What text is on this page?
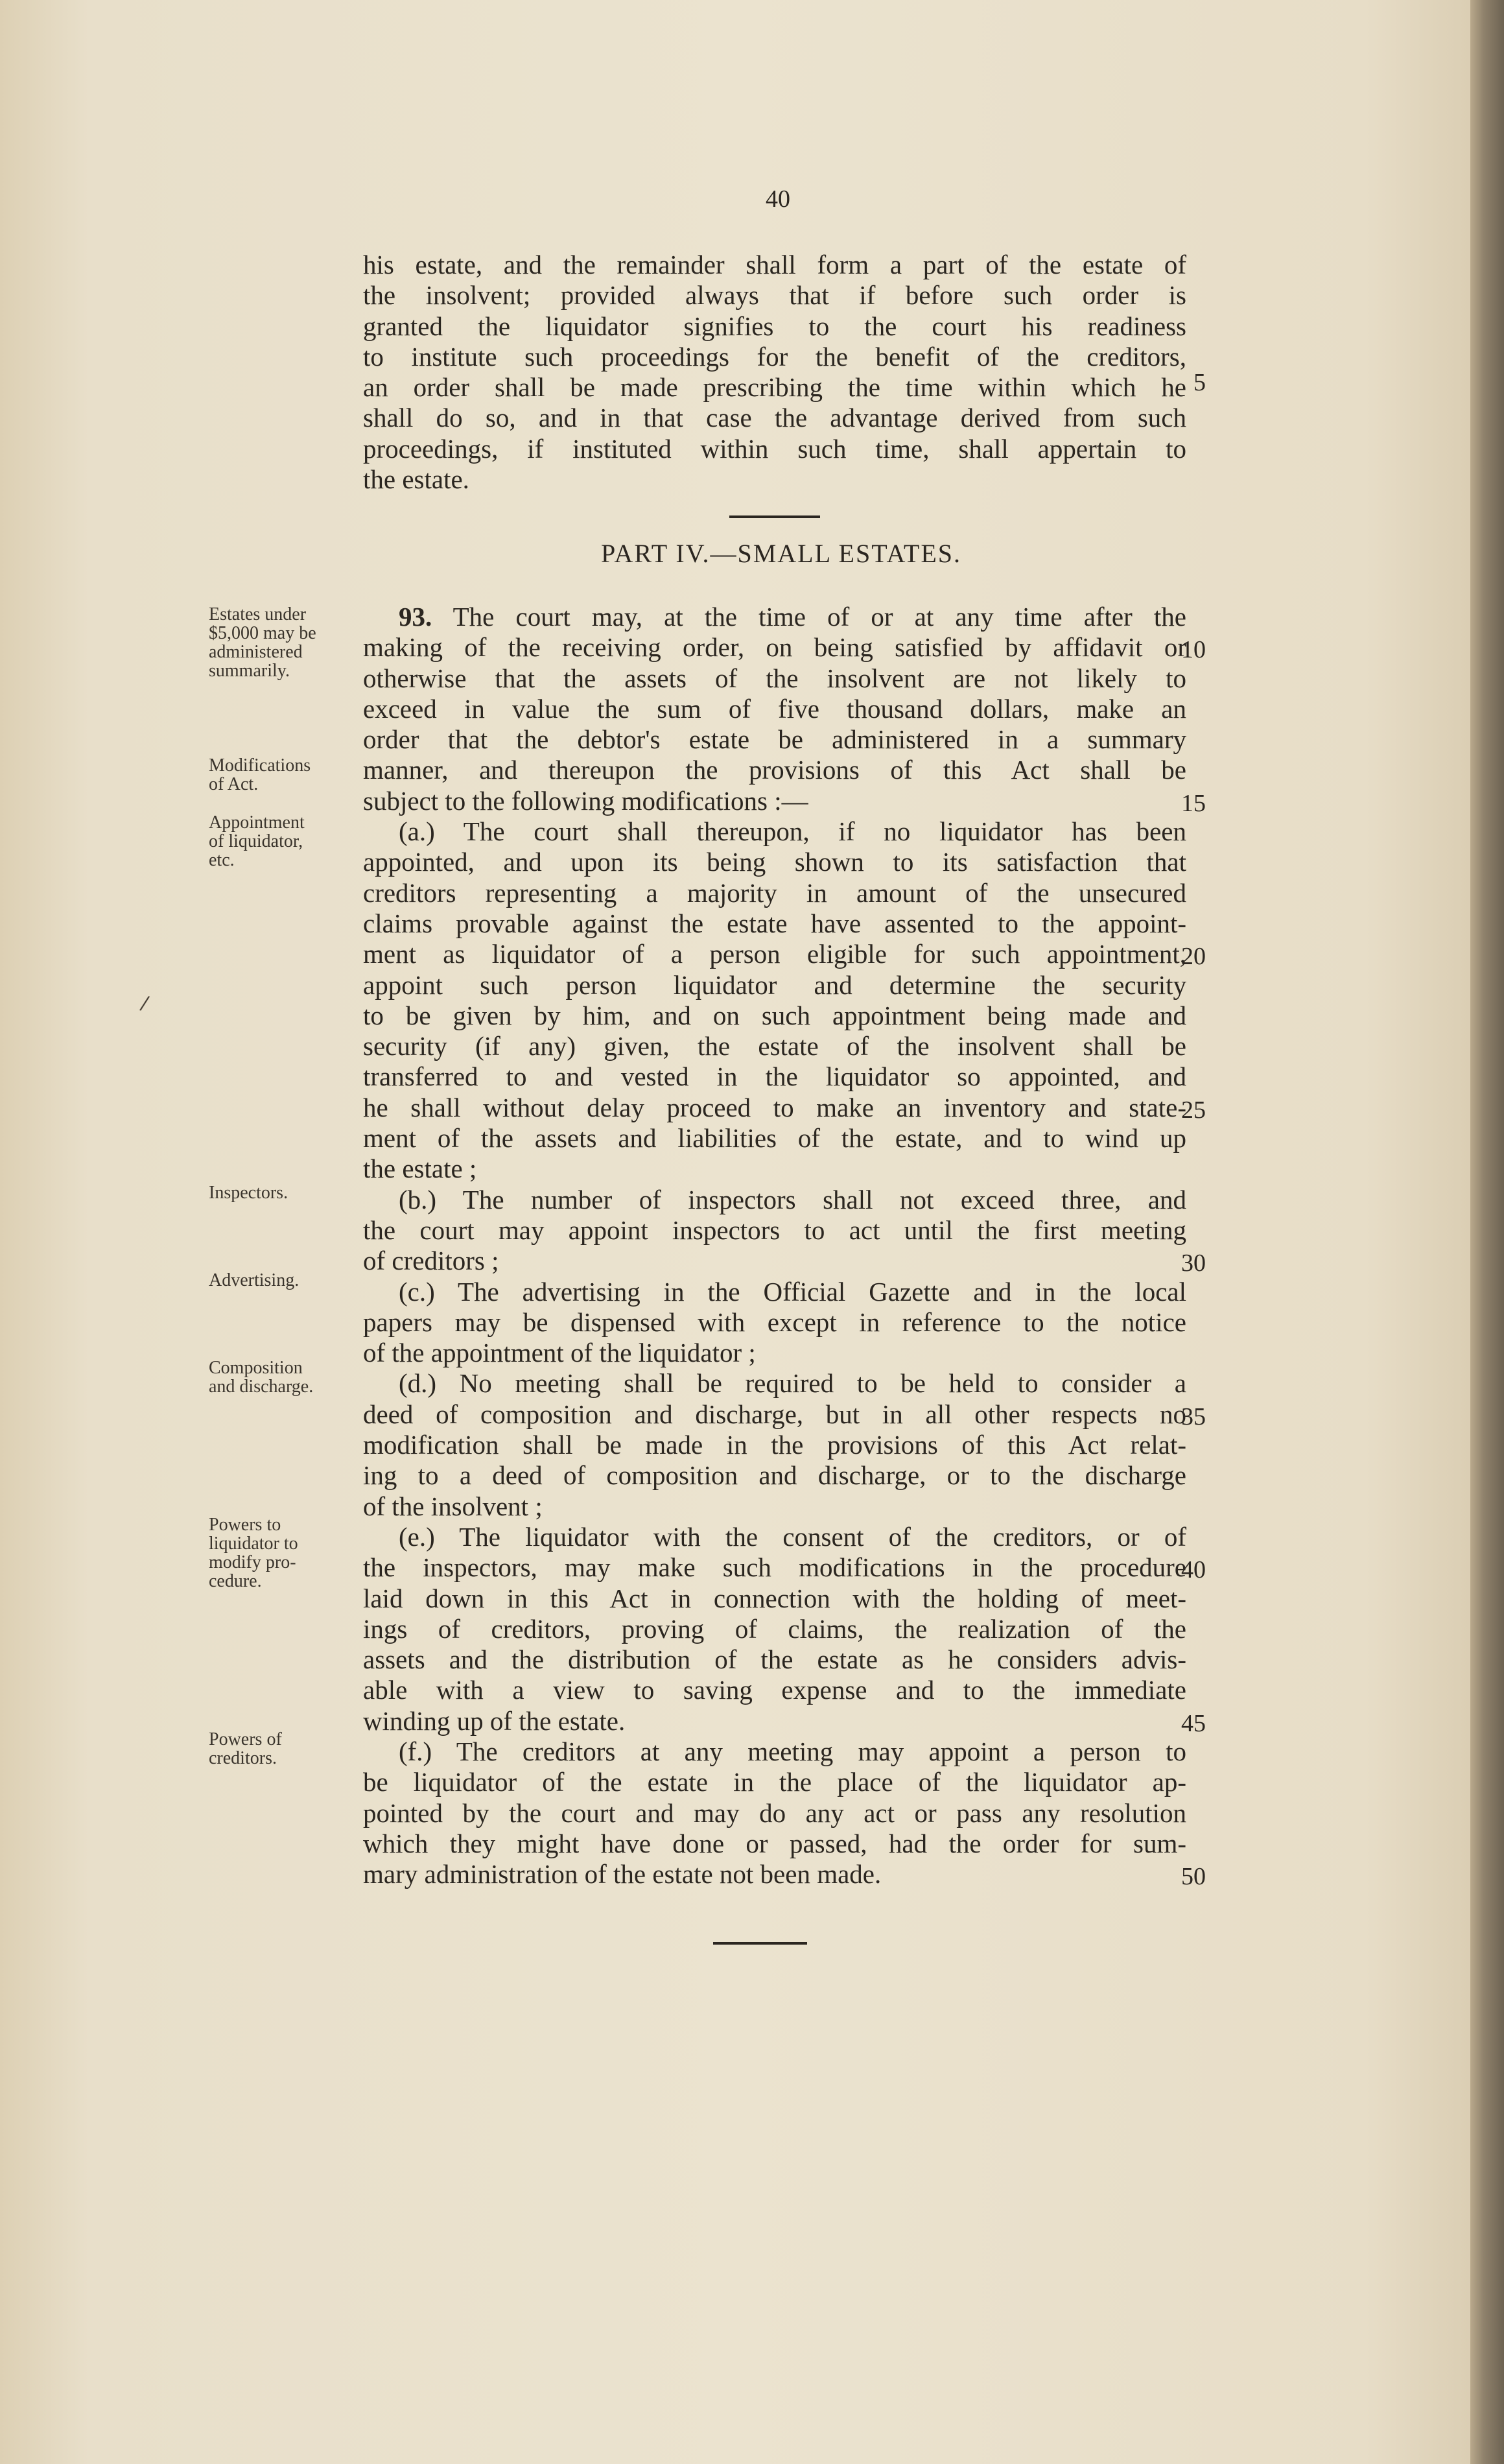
40
his estate, and the remainder shall form a part of the estate of
the insolvent; provided always that if before such order is
granted the liquidator signifies to the court his readiness
to institute such proceedings for the benefit of the creditors,
an order shall be made prescribing the time within which he
shall do so, and in that case the advantage derived from such
proceedings, if instituted within such time, shall appertain to
the estate.
PART IV.—SMALL ESTATES.
93. The court may, at the time of or at any time after the
making of the receiving order, on being satisfied by affidavit or
otherwise that the assets of the insolvent are not likely to
exceed in value the sum of five thousand dollars, make an
order that the debtor's estate be administered in a summary
manner, and thereupon the provisions of this Act shall be
subject to the following modifications :—
(a.) The court shall thereupon, if no liquidator has been
appointed, and upon its being shown to its satisfaction that
creditors representing a majority in amount of the unsecured
claims provable against the estate have assented to the appoint-
ment as liquidator of a person eligible for such appointment,
appoint such person liquidator and determine the security
to be given by him, and on such appointment being made and
security (if any) given, the estate of the insolvent shall be
transferred to and vested in the liquidator so appointed, and
he shall without delay proceed to make an inventory and state-
ment of the assets and liabilities of the estate, and to wind up
the estate ;
(b.) The number of inspectors shall not exceed three, and
the court may appoint inspectors to act until the first meeting
of creditors ;
(c.) The advertising in the Official Gazette and in the local
papers may be dispensed with except in reference to the notice
of the appointment of the liquidator ;
(d.) No meeting shall be required to be held to consider a
deed of composition and discharge, but in all other respects no
modification shall be made in the provisions of this Act relat-
ing to a deed of composition and discharge, or to the discharge
of the insolvent ;
(e.) The liquidator with the consent of the creditors, or of
the inspectors, may make such modifications in the procedure
laid down in this Act in connection with the holding of meet-
ings of creditors, proving of claims, the realization of the
assets and the distribution of the estate as he considers advis-
able with a view to saving expense and to the immediate
winding up of the estate.
(f.) The creditors at any meeting may appoint a person to
be liquidator of the estate in the place of the liquidator ap-
pointed by the court and may do any act or pass any resolution
which they might have done or passed, had the order for sum-
mary administration of the estate not been made.
Estates under
$5,000 may be
administered
summarily.
Modifications
of Act.
Appointment
of liquidator,
etc.
Inspectors.
Advertising.
Composition
and discharge.
Powers to
liquidator to
modify pro-
cedure.
Powers of
creditors.
/
5
10
15
20
25
30
35
40
45
50
